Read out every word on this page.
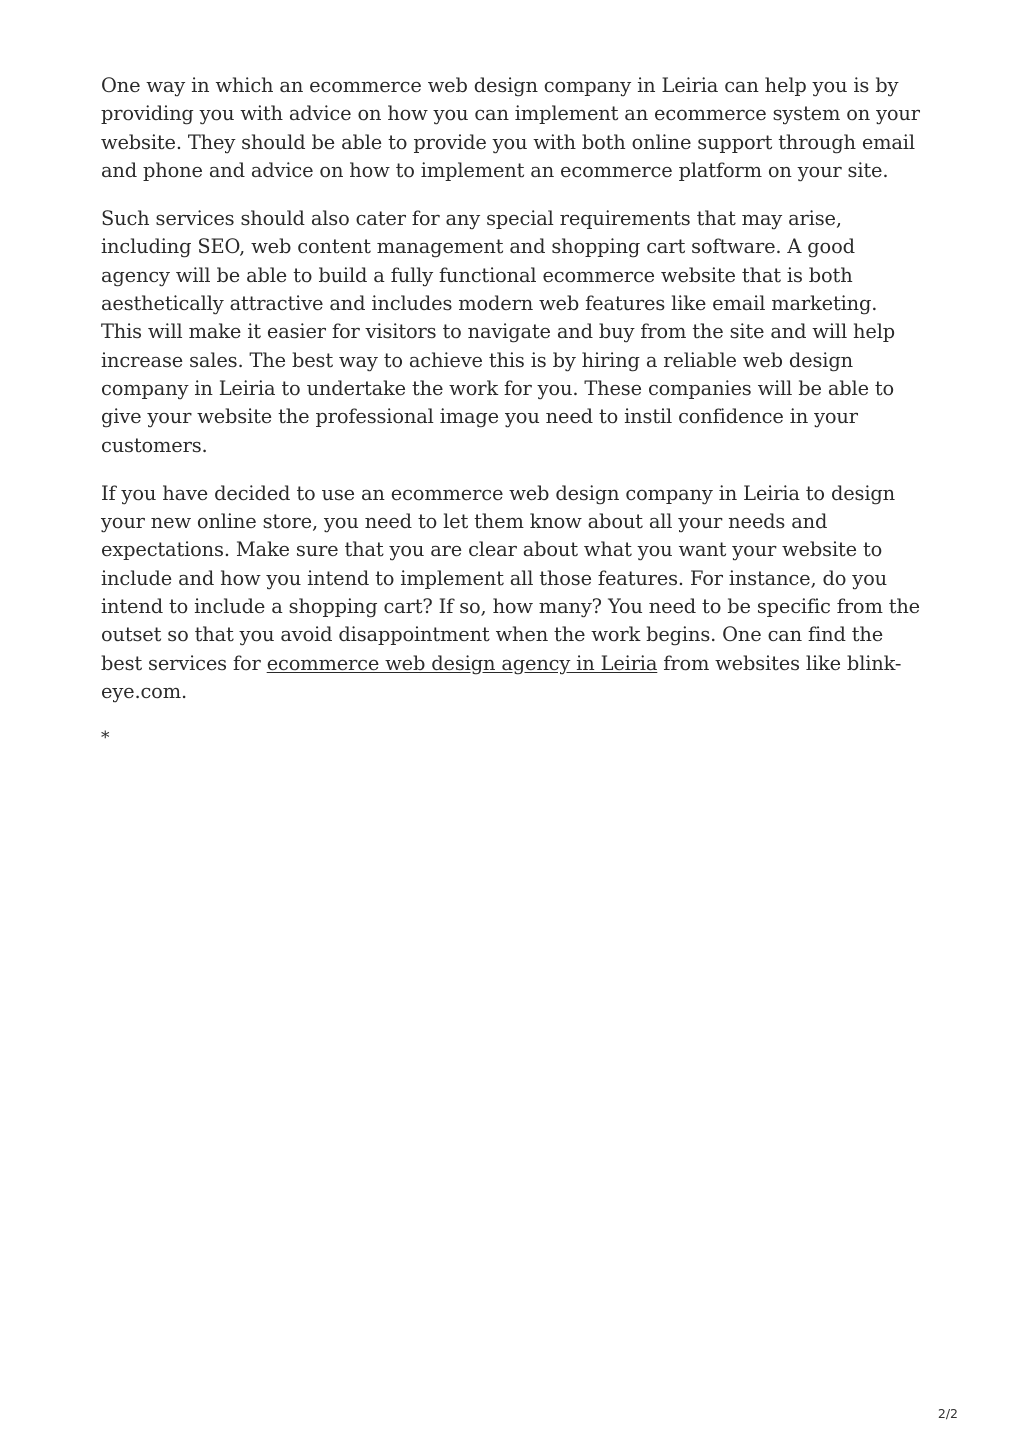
One way in which an ecommerce web design company in Leiria can help you is by providing you with advice on how you can implement an ecommerce system on your website. They should be able to provide you with both online support through email and phone and advice on how to implement an ecommerce platform on your site.

Such services should also cater for any special requirements that may arise, including SEO, web content management and shopping cart software. A good agency will be able to build a fully functional ecommerce website that is both aesthetically attractive and includes modern web features like email marketing. This will make it easier for visitors to navigate and buy from the site and will help increase sales. The best way to achieve this is by hiring a reliable web design company in Leiria to undertake the work for you. These companies will be able to give your website the professional image you need to instil confidence in your customers.

If you have decided to use an ecommerce web design company in Leiria to design your new online store, you need to let them know about all your needs and expectations. Make sure that you are clear about what you want your website to include and how you intend to implement all those features. For instance, do you intend to include a shopping cart? If so, how many? You need to be specific from the outset so that you avoid disappointment when the work begins. One can find the best services for ecommerce web design agency in Leiria from websites like blink-eye.com.

*

2/2
